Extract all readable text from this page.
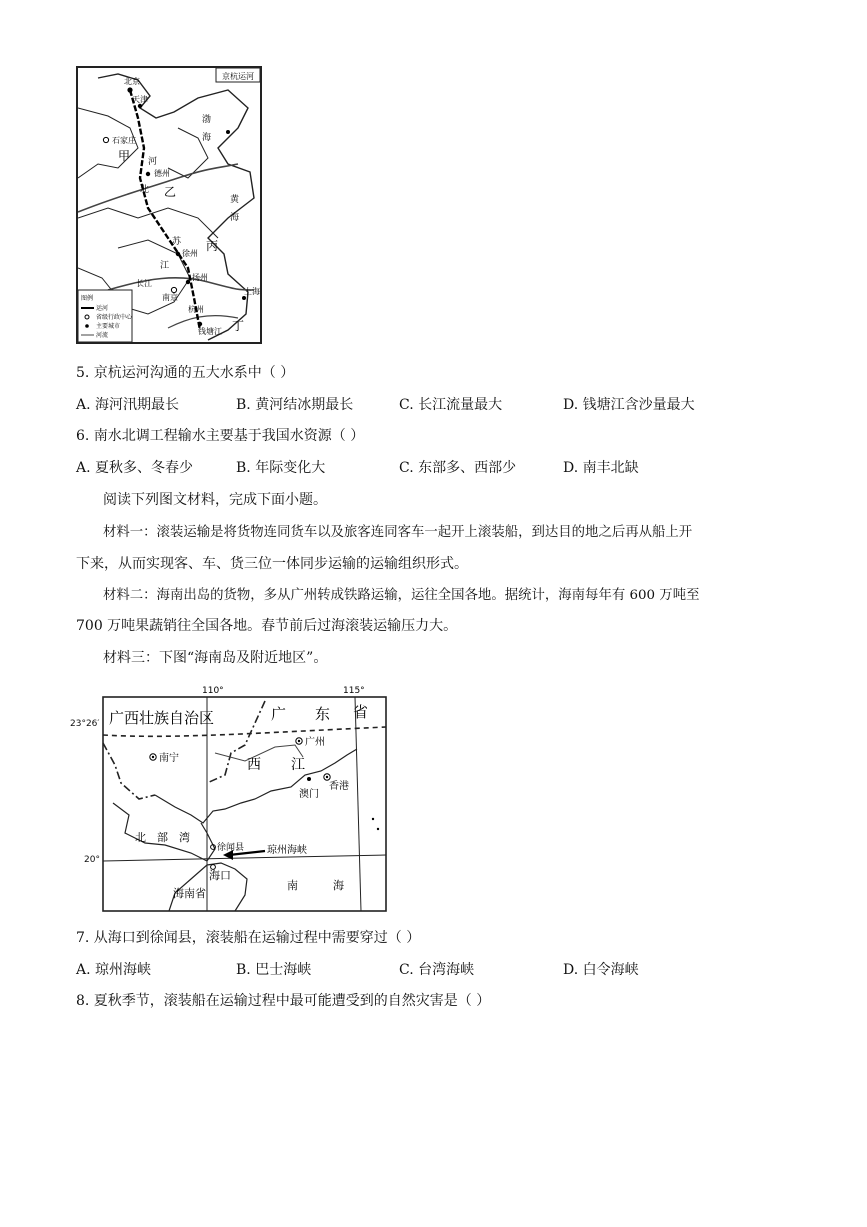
京杭运河
北京
天津
石家庄
河
北
甲
渤
海
德州
乙
黄
海
丙
徐州
江
苏
扬州
南京
杭州
钱塘江 丁
长江
上海
图例
运河
省级行政中心
主要城市
河流
5. 京杭运河沟通的五大水系中（ ）
A. 海河汛期最长	B. 黄河结冰期最长	C. 长江流量最大	D. 钱塘江含沙量最大
6. 南水北调工程输水主要基于我国水资源（ ）
A. 夏秋多、冬春少	B. 年际变化大	C. 东部多、西部少	D. 南丰北缺
阅读下列图文材料，完成下面小题。
材料一：滚装运输是将货物连同货车以及旅客连同客车一起开上滚装船，到达目的地之后再从船上开
下来，从而实现客、车、货三位一体同步运输的运输组织形式。
材料二：海南出岛的货物，多从广州转成铁路运输，运往全国各地。据统计，海南每年有 600 万吨至
700 万吨果蔬销往全国各地。春节前后过海滚装运输压力大。
材料三：下图“海南岛及附近地区”。
110°	115°
广西壮族自治区	广 东 省
南宁
广州
西 江
香港
澳门
北 部 湾
徐闻县 琼州海峡
海口
海南省
南	海
23°26′
20°
7. 从海口到徐闻县，滚装船在运输过程中需要穿过（ ）
A. 琼州海峡	B. 巴士海峡	C. 台湾海峡	D. 白令海峡
8. 夏秋季节，滚装船在运输过程中最可能遭受到的自然灾害是（ ）
